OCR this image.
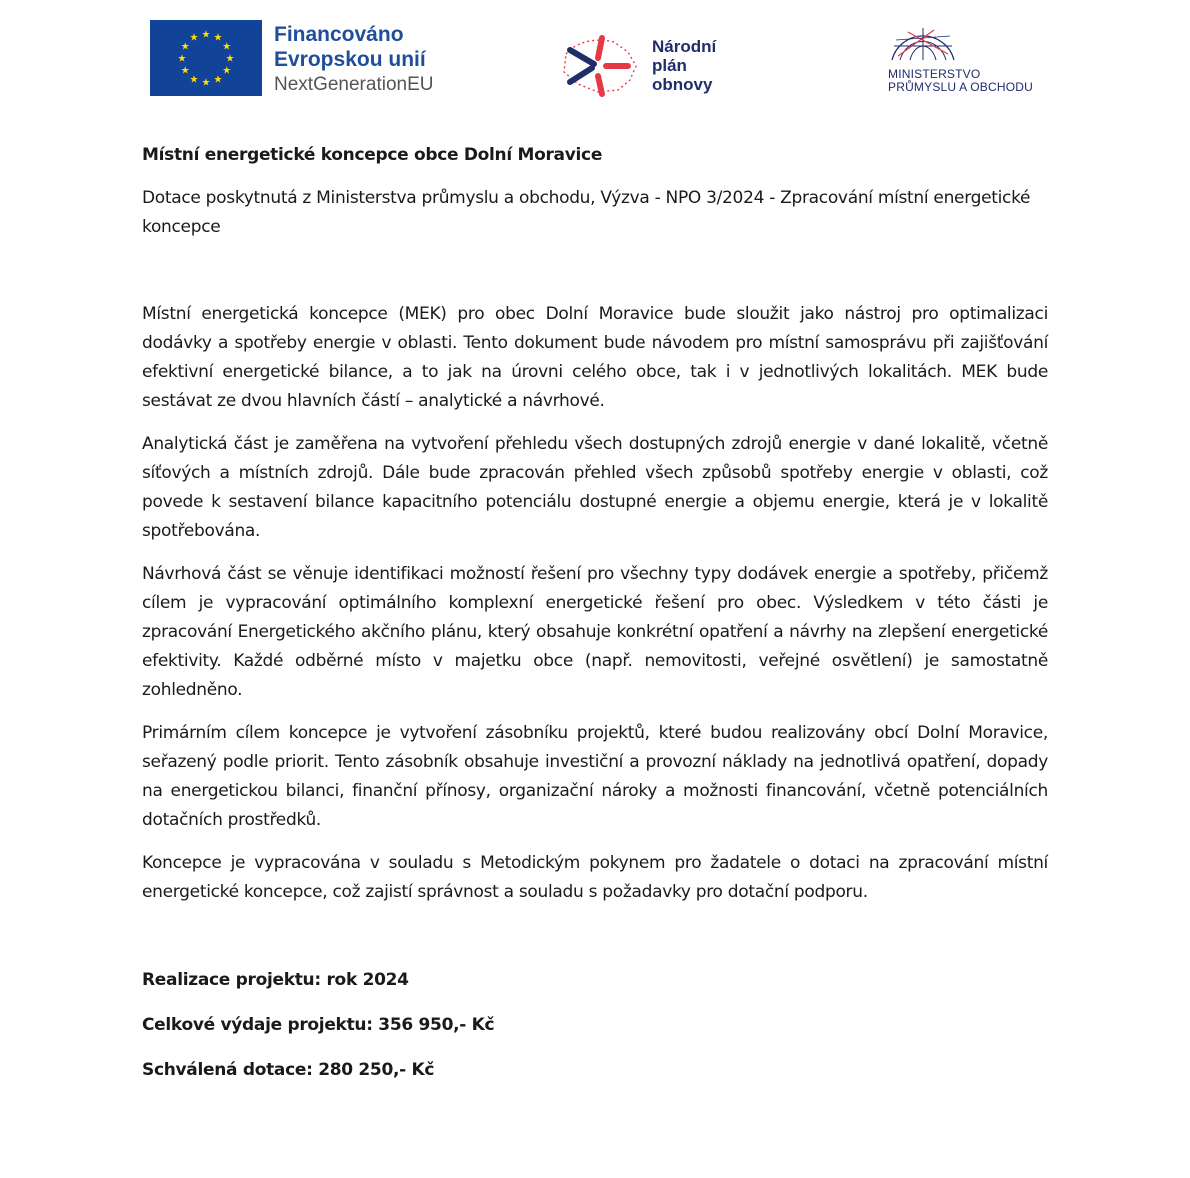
★
★
★
★
★
★
★
★
★ ★ ★
★
Financováno
Evropskou unií
NextGenerationEU
Národní
plán
obnovy
MINISTERSTVO
PRŮMYSLU A OBCHODU

Místní energetické koncepce obce Dolní Moravice

Dotace poskytnutá z Ministerstva průmyslu a obchodu, Výzva - NPO 3/2024 - Zpracování místní energetické koncepce

Místní energetická koncepce (MEK) pro obec Dolní Moravice bude sloužit jako nástroj pro optimalizaci dodávky a spotřeby energie v oblasti. Tento dokument bude návodem pro místní samosprávu při zajišťování efektivní energetické bilance, a to jak na úrovni celého obce, tak i v jednotlivých lokalitách. MEK bude sestávat ze dvou hlavních částí – analytické a návrhové.

Analytická část je zaměřena na vytvoření přehledu všech dostupných zdrojů energie v dané lokalitě, včetně síťových a místních zdrojů. Dále bude zpracován přehled všech způsobů spotřeby energie v oblasti, což povede k sestavení bilance kapacitního potenciálu dostupné energie a objemu energie, která je v lokalitě spotřebována.

Návrhová část se věnuje identifikaci možností řešení pro všechny typy dodávek energie a spotřeby, přičemž cílem je vypracování optimálního komplexní energetické řešení pro obec. Výsledkem v této části je zpracování Energetického akčního plánu, který obsahuje konkrétní opatření a návrhy na zlepšení energetické efektivity. Každé odběrné místo v majetku obce (např. nemovitosti, veřejné osvětlení) je samostatně zohledněno.

Primárním cílem koncepce je vytvoření zásobníku projektů, které budou realizovány obcí Dolní Moravice, seřazený podle priorit. Tento zásobník obsahuje investiční a provozní náklady na jednotlivá opatření, dopady na energetickou bilanci, finanční přínosy, organizační nároky a možnosti financování, včetně potenciálních dotačních prostředků.

Koncepce je vypracována v souladu s Metodickým pokynem pro žadatele o dotaci na zpracování místní energetické koncepce, což zajistí správnost a souladu s požadavky pro dotační podporu.

Realizace projektu: rok 2024

Celkové výdaje projektu: 356 950,- Kč

Schválená dotace: 280 250,- Kč
